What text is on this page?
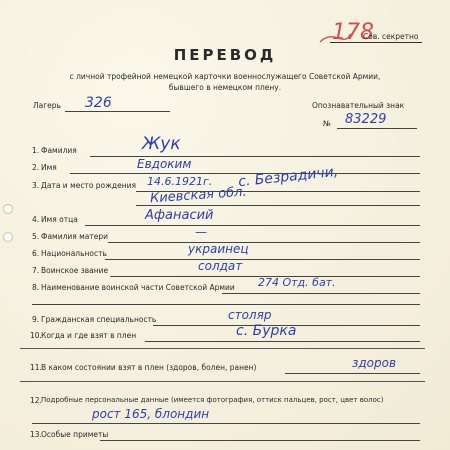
178
Сов. секретно
ПЕРЕВОД
с личной трофейной немецкой карточки военнослужащего Советской Армии,
бывшего в немецком плену.
Лагерь 326	Опознавательный знак
№ 83229
1. Фамилия	Жук
2. Имя	Евдоким
3. Дата и место рождения 14.6.1921г. с. Безрадичи,
Киевская обл.
4. Имя отца	Афанасий
5. Фамилия матери	—
6. Национальность	украинец
7. Воинское звание	солдат
8. Наименование воинской части Советской Армии 274 Отд. бат.
9. Гражданская специальность	столяр
10. Когда и где взят в плен	с. Бурка
11. В каком состоянии взят в плен (здоров, болен, ранен)	здоров
12. Подробные персональные данные (имеется фотография, оттиск пальцев, рост, цвет волос)
рост 165, блондин
13. Особые приметы
